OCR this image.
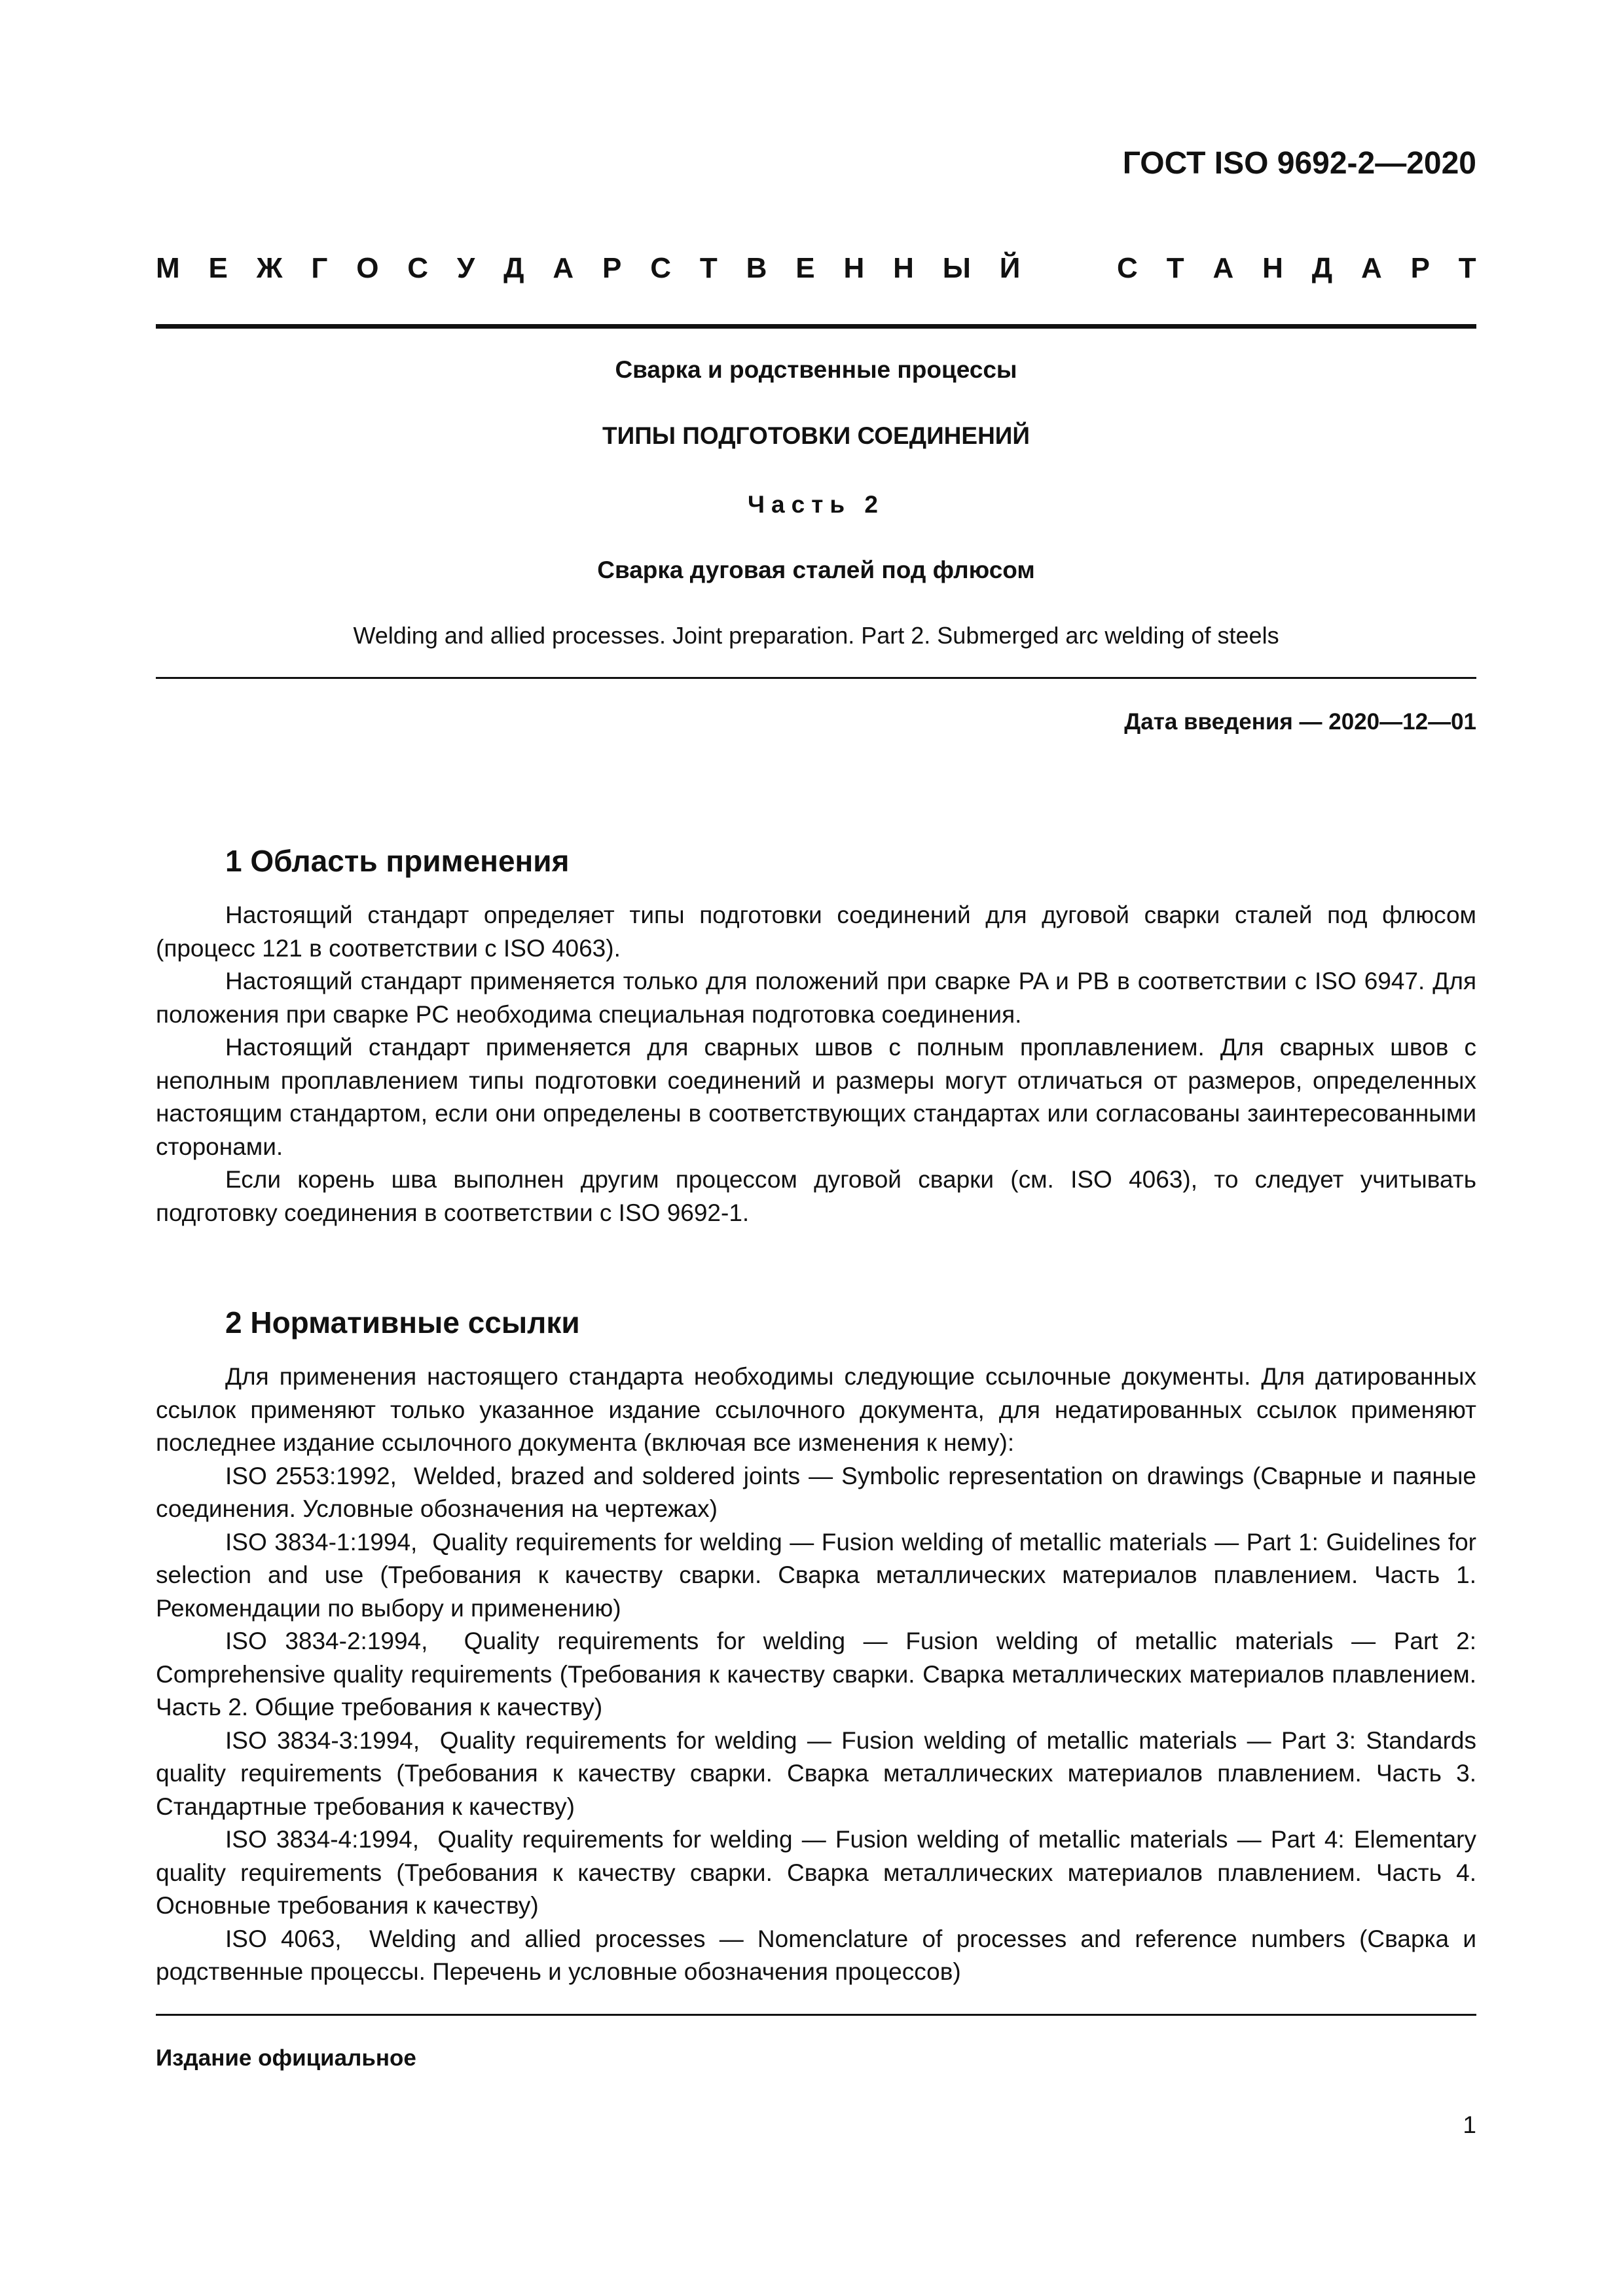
ГОСТ ISO 9692-2—2020
М Е Ж Г О С У Д А Р С Т В Е Н Н Ы Й	С Т А Н Д А Р Т
Сварка и родственные процессы
ТИПЫ ПОДГОТОВКИ СОЕДИНЕНИЙ
Часть 2
Сварка дуговая сталей под флюсом
Welding and allied processes. Joint preparation. Part 2. Submerged arc welding of steels
Дата введения — 2020—12—01
1 Область применения

Настоящий стандарт определяет типы подготовки соединений для дуговой сварки сталей под флюсом (процесс 121 в соответствии с ISO 4063).

Настоящий стандарт применяется только для положений при сварке PA и PB в соответствии с ISO 6947. Для положения при сварке PC необходима специальная подготовка соединения.

Настоящий стандарт применяется для сварных швов с полным проплавлением. Для сварных швов с неполным проплавлением типы подготовки соединений и размеры могут отличаться от размеров, определенных настоящим стандартом, если они определены в соответствующих стандартах или согласованы заинтересованными сторонами.

Если корень шва выполнен другим процессом дуговой сварки (см. ISO 4063), то следует учитывать подготовку соединения в соответствии с ISO 9692-1.

2 Нормативные ссылки

Для применения настоящего стандарта необходимы следующие ссылочные документы. Для датированных ссылок применяют только указанное издание ссылочного документа, для недатированных ссылок применяют последнее издание ссылочного документа (включая все изменения к нему):

ISO 2553:1992, Welded, brazed and soldered joints — Symbolic representation on drawings (Сварные и паяные соединения. Условные обозначения на чертежах)

ISO 3834-1:1994, Quality requirements for welding — Fusion welding of metallic materials — Part 1: Guidelines for selection and use (Требования к качеству сварки. Сварка металлических материалов плавлением. Часть 1. Рекомендации по выбору и применению)

ISO 3834-2:1994, Quality requirements for welding — Fusion welding of metallic materials — Part 2: Comprehensive quality requirements (Требования к качеству сварки. Сварка металлических материалов плавлением. Часть 2. Общие требования к качеству)

ISO 3834-3:1994, Quality requirements for welding — Fusion welding of metallic materials — Part 3: Standards quality requirements (Требования к качеству сварки. Сварка металлических материалов плавлением. Часть 3. Стандартные требования к качеству)

ISO 3834-4:1994, Quality requirements for welding — Fusion welding of metallic materials — Part 4: Elementary quality requirements (Требования к качеству сварки. Сварка металлических материалов плавлением. Часть 4. Основные требования к качеству)

ISO 4063, Welding and allied processes — Nomenclature of processes and reference numbers (Сварка и родственные процессы. Перечень и условные обозначения процессов)

Издание официальное
1
